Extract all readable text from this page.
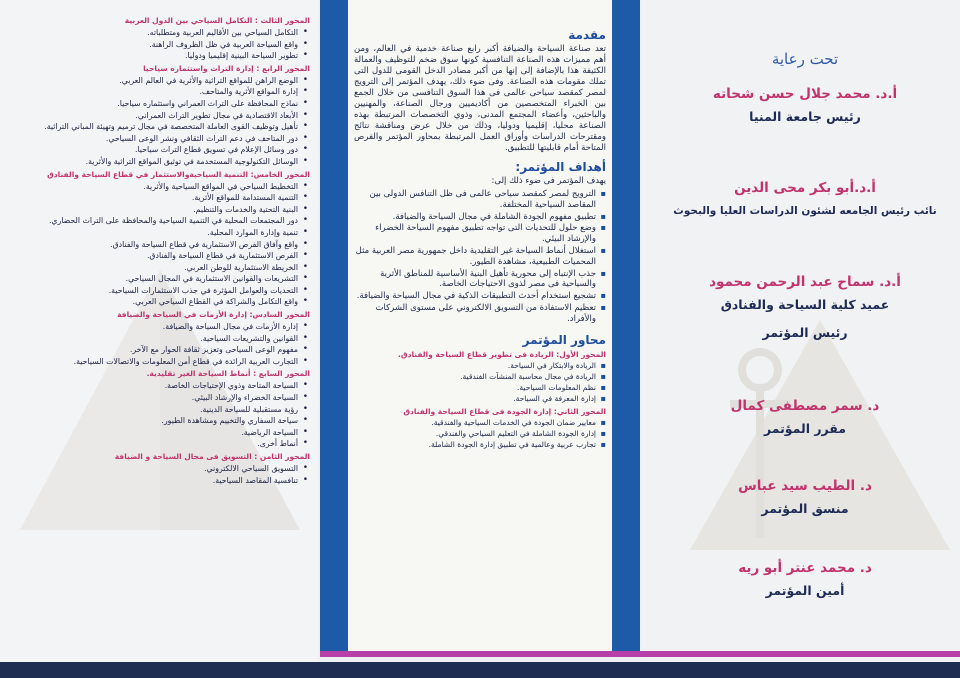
المحور الثالث : التكامل السياحي بين الدول العربية

• التكامل السياحي بين الأقاليم العربية ومتطلباته.
• واقع السياحة العربية في ظل الظروف الراهنة.
• تطوير السياحة البينية إقليميا ودوليا.

المحور الرابع : إدارة التراث واستثماره سياحيا

• الوضع الراهن للمواقع التراثية والأثرية في العالم العربي.
• إدارة المواقع الأثرية والمتاحف.
• نماذج المحافظة على التراث العمراني واستثماره سياحيا.
• الأبعاد الاقتصادية في مجال تطوير التراث العمراني.
• تأهيل وتوظيف القوى العاملة المتخصصة في مجال ترميم وتهيئة المباني التراثية.
• دور المتاحف في دعم التراث الثقافي ونشر الوعى السياحي.
• دور وسائل الإعلام في تسويق قطاع التراث سياحيا.
• الوسائل التكنولوجية المستخدمة في توثيق المواقع التراثية والأثرية.

المحور الخامس: التنمية السياحيةوالاستثمار في قطاع السياحة والفنادق

• التخطيط السياحي في المواقع السياحية والأثرية.
• التنمية المستدامة للمواقع الأثرية.
• البنية التحتية والخدمات والتنظيم.
• دور المجتمعات المحلية في التنمية السياحية والمحافظة على التراث الحضاري.
• تنمية وإدارة الموارد المحلية.
• واقع وآفاق الفرص الاستثمارية في قطاع السياحة والفنادق.
• الفرص الاستثمارية في قطاع السياحة والفنادق.
• الخريطة الاستثمارية للوطن العربي.
• التشريعات والقوانين الاستثمارية في المجال السياحي.
• التحديات والعوامل المؤثرة في جذب الاستثمارات السياحية.
• واقع التكامل والشراكة في القطاع السياحي العربي.

المحور السادس: إدارة الأزمات في السياحة والضيافة

• إدارة الأزمات في مجال السياحة والضيافة.
• القوانين والتشريعات السياحية.
• مفهوم الوعى السياحى وتعزيز ثقافة الحوار مع الآخر.
• التجارب العربية الرائدة في قطاع أمن المعلومات والاتصالات السياحية.

المحور السابع : أنماط السياحة الغير تقليدية.

• السياحة المتاحة وذوي الإحتياجات الخاصة.
• السياحة الخضراء والإرشاد البيئي.
• رؤية مستقبلية للسياحة الدينية.
• سياحة السفاري والتخييم ومشاهدة الطيور.
• السياحة الرياضية.
• أنماط أخرى.

المحور الثامن : التسويق فى مجال السياحة و الضيافة

• التسويق السياحي الالكتروني.
• تنافسية المقاصد السياحية.

مقدمة

تعد صناعة السياحة والضيافة أكبر رابع صناعة خدمية في العالم، ومن أهم مميزات هذه الصناعة التنافسية كونها سوق ضخم للتوظيف والعمالة الكثيفة هذا بالإضافة إلى إنها من أكبر مصادر الدخل القومى للدول التى تملك مقومات هذه الصناعة. وفى ضوء ذلك، يهدف المؤتمر إلى الترويج لمصر كمقصد سياحى عالمى فى هذا السوق التنافسى من خلال الجمع بين الخبراء المتخصصين من أكاديميين ورجال الصناعة، والمهنيين والباحثين، وأعضاء المجتمع المدنى، وذوي التخصصات المرتبطة بهذه الصناعة محليا، إقليميا ودوليا، وذلك من خلال عرض ومناقشة نتائج ومقترحات الدراسات وأوراق العمل المرتبطة بمحاور المؤتمر والفرص المتاحة أمام قابليتها للتطبيق.

أهداف المؤتمر:

يهدف المؤتمر فى ضوء ذلك إلى:

▪ الترويج لمصر كمقصد سياحى عالمى فى ظل التنافس الدولى بين المقاصد السياحية المختلفة.
▪ تطبيق مفهوم الجودة الشاملة في مجال السياحة والضيافة.
▪ وضع حلول للتحديات التى تواجه تطبيق مفهوم السياحة الخضراء والإرشاد البيئي.
▪ استغلال أنماط السياحة غير التقليدية داخل جمهورية مصر العربية مثل المحميات الطبيعية، مشاهدة الطيور.
▪ جذب الإنتباه إلى محورية تأهيل البنية الأساسية للمناطق الأثرية والسياحية فى مصر لذوى الاحتياجات الخاصة.
▪ تشجيع استخدام أحدث التطبيقات الذكية في مجال السياحة والضيافة.
▪ تعظيم الاستفادة من التسويق الالكتروني على مستوى الشركات والأفراد.

محاور المؤتمر

المحور الأول: الريادة فى تطوير قطاع السياحة والفنادق.

▪ الريادة والابتكار في السياحة.
▪ الريادة في مجال محاسبة المنشآت الفندقية.
▪ نظم المعلومات السياحية.
▪ إدارة المعرفة في السياحة.

المحور الثاني: إدارة الجودة فى قطاع السياحة والفنادق

▪ معايير ضمان الجودة في الخدمات السياحية والفندقية.
▪ إدارة الجودة الشاملة في التعليم السياحي والفندقي.
▪ تجارب عربية وعالمية في تطبيق إدارة الجودة الشاملة.

تحت رعاية

أ.د. محمد جلال حسن شحاته

رئيس جامعة المنيا

أ.د.أبو بكر محى الدين

نائب رئيس الجامعه لشئون الدراسات العليا والبحوث

أ.د. سماح عبد الرحمن محمود

عميد كلية السياحة والفنادق

رئيس المؤتمر

د. سمر مصطفى كمال

مقرر المؤتمر

د. الطيب سيد عباس

منسق المؤتمر

د. محمد عنتر أبو ريه

أمين المؤتمر
